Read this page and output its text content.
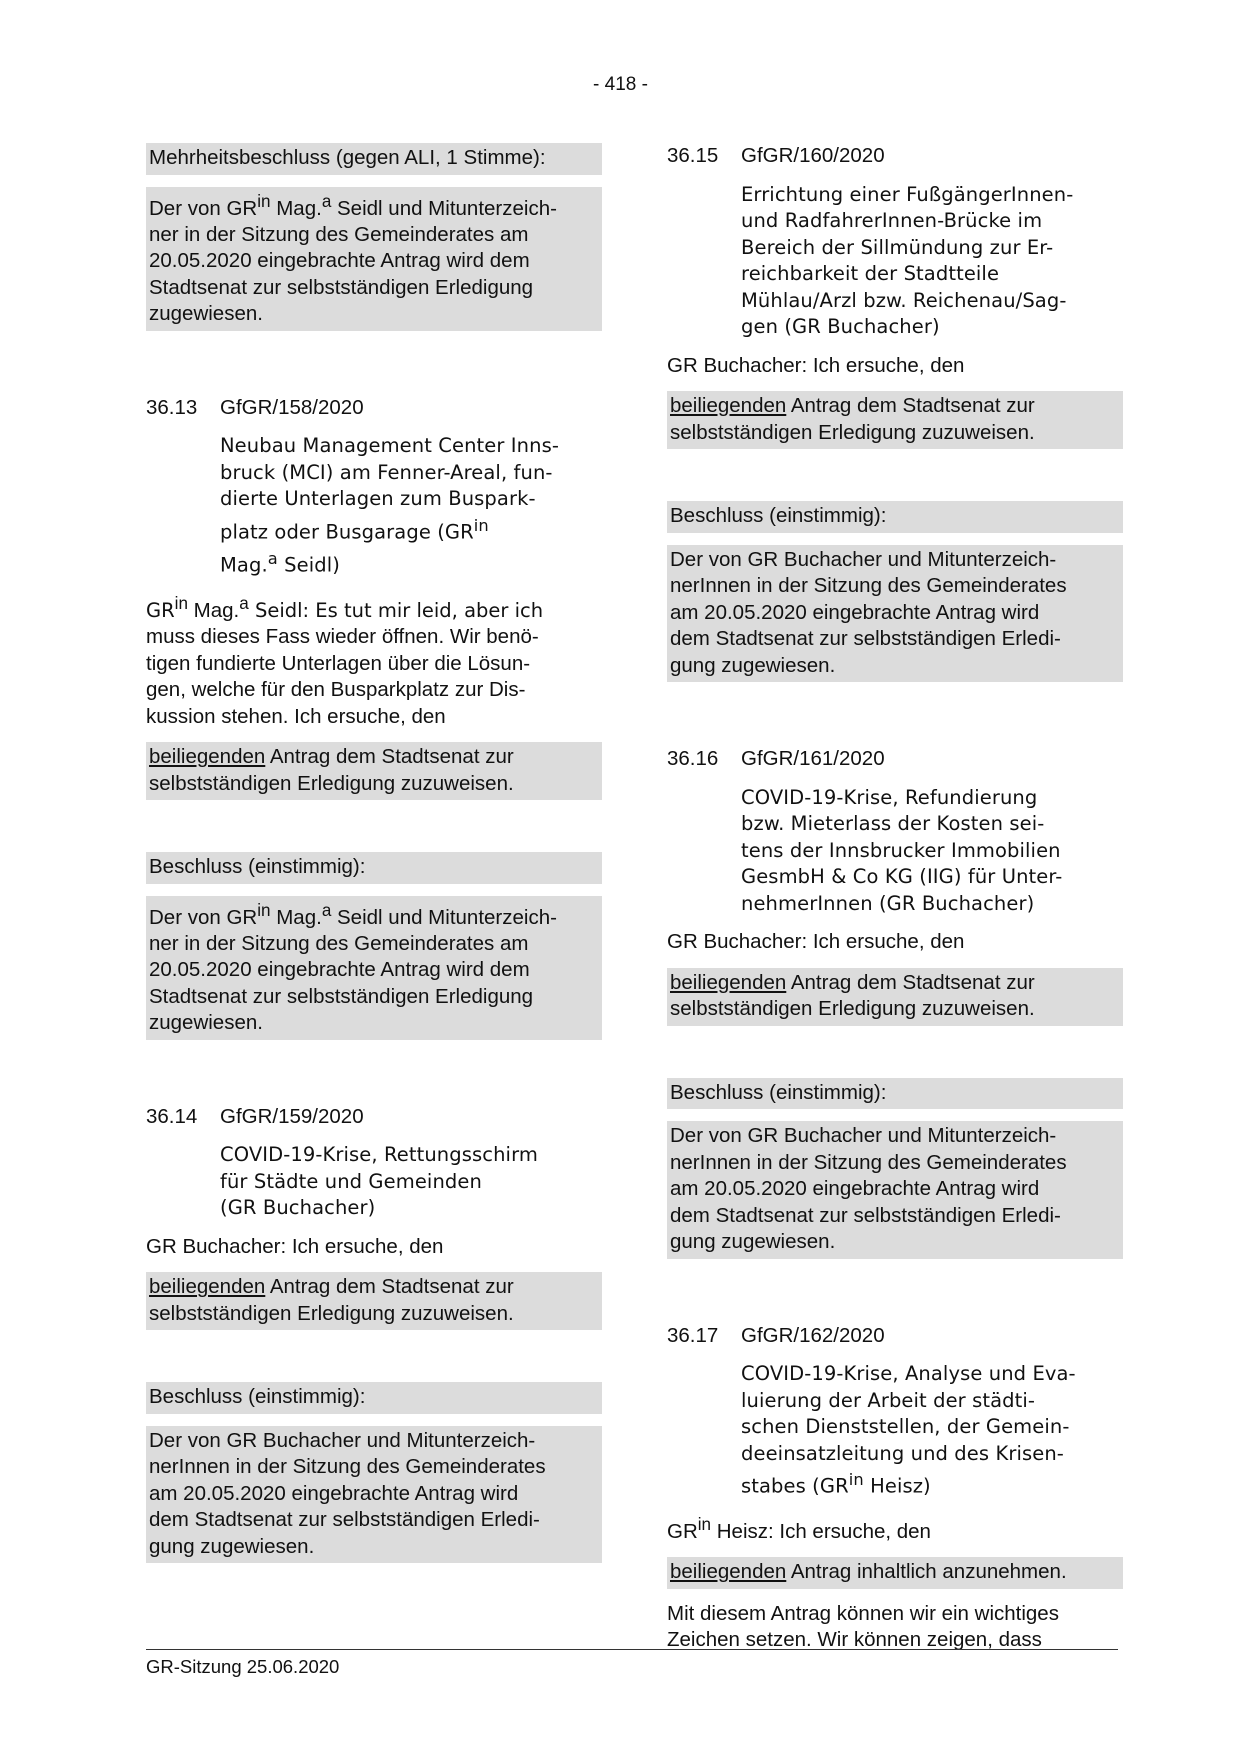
- 418 -
Mehrheitsbeschluss (gegen ALI, 1 Stimme):
Der von $GR^{in}$ Mag.$^a$ Seidl und Mitunterzeich-
ner in der Sitzung des Gemeinderates am
20.05.2020 eingebrachte Antrag wird dem
Stadtsenat zur selbstständigen Erledigung
zugewiesen.
36.13	GfGR/158/2020
Neubau Management Center Inns-
bruck (MCI) am Fenner-Areal, fun-
dierte Unterlagen zum Buspark-
platz oder Busgarage ($GR^{in}$
Mag.$^a$ Seidl)
$GR^{in}$ Mag.$^a$ Seidl: Es tut mir leid, aber ich
muss dieses Fass wieder öffnen. Wir benö-
tigen fundierte Unterlagen über die Lösun-
gen, welche für den Busparkplatz zur Dis-
kussion stehen. Ich ersuche, den
beiliegenden Antrag dem Stadtsenat zur
selbstständigen Erledigung zuzuweisen.
Beschluss (einstimmig):
Der von $GR^{in}$ Mag.$^a$ Seidl und Mitunterzeich-
ner in der Sitzung des Gemeinderates am
20.05.2020 eingebrachte Antrag wird dem
Stadtsenat zur selbstständigen Erledigung
zugewiesen.
36.14	GfGR/159/2020
COVID-19-Krise, Rettungsschirm
für Städte und Gemeinden
(GR Buchacher)
GR Buchacher: Ich ersuche, den
beiliegenden Antrag dem Stadtsenat zur
selbstständigen Erledigung zuzuweisen.
Beschluss (einstimmig):
Der von GR Buchacher und Mitunterzeich-
nerInnen in der Sitzung des Gemeinderates
am 20.05.2020 eingebrachte Antrag wird
dem Stadtsenat zur selbstständigen Erledi-
gung zugewiesen.
36.15	GfGR/160/2020
Errichtung einer FußgängerInnen-
und RadfahrerInnen-Brücke im
Bereich der Sillmündung zur Er-
reichbarkeit der Stadtteile
Mühlau/Arzl bzw. Reichenau/Sag-
gen (GR Buchacher)
GR Buchacher: Ich ersuche, den
beiliegenden Antrag dem Stadtsenat zur
selbstständigen Erledigung zuzuweisen.
Beschluss (einstimmig):
Der von GR Buchacher und Mitunterzeich-
nerInnen in der Sitzung des Gemeinderates
am 20.05.2020 eingebrachte Antrag wird
dem Stadtsenat zur selbstständigen Erledi-
gung zugewiesen.
36.16	GfGR/161/2020
COVID-19-Krise, Refundierung
bzw. Mieterlass der Kosten sei-
tens der Innsbrucker Immobilien
GesmbH & Co KG (IIG) für Unter-
nehmerInnen (GR Buchacher)
GR Buchacher: Ich ersuche, den
beiliegenden Antrag dem Stadtsenat zur
selbstständigen Erledigung zuzuweisen.
Beschluss (einstimmig):
Der von GR Buchacher und Mitunterzeich-
nerInnen in der Sitzung des Gemeinderates
am 20.05.2020 eingebrachte Antrag wird
dem Stadtsenat zur selbstständigen Erledi-
gung zugewiesen.
36.17	GfGR/162/2020
COVID-19-Krise, Analyse und Eva-
luierung der Arbeit der städti-
schen Dienststellen, der Gemein-
deeinsatzleitung und des Krisen-
stabes ($GR^{in}$ Heisz)
$GR^{in}$ Heisz: Ich ersuche, den
beiliegenden Antrag inhaltlich anzunehmen.
Mit diesem Antrag können wir ein wichtiges
Zeichen setzen. Wir können zeigen, dass
GR-Sitzung 25.06.2020
